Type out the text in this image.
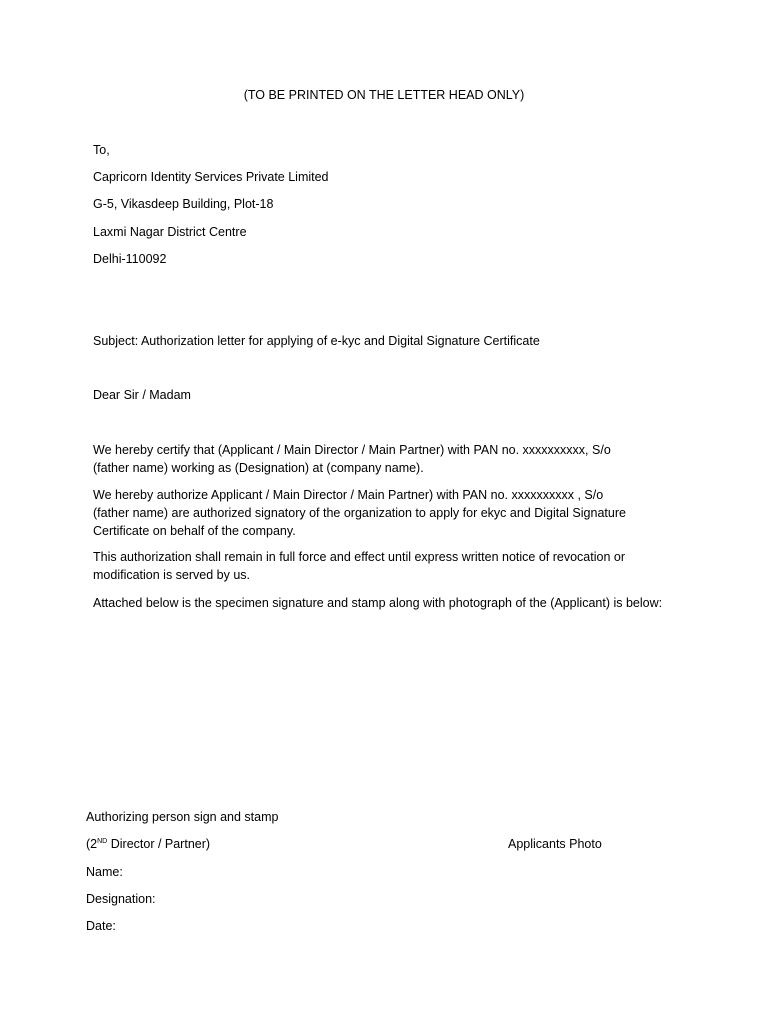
(TO BE PRINTED ON THE LETTER HEAD ONLY)
To,
Capricorn Identity Services Private Limited
G-5, Vikasdeep Building, Plot-18
Laxmi Nagar District Centre
Delhi-110092
Subject: Authorization letter for applying of e-kyc and Digital Signature Certificate
Dear Sir / Madam
We hereby certify that (Applicant / Main Director / Main Partner) with PAN no. xxxxxxxxxx, S/o (father name) working as (Designation) at (company name).
We hereby authorize Applicant / Main Director / Main Partner) with PAN no. xxxxxxxxxx , S/o (father name) are authorized signatory of the organization to apply for ekyc and Digital Signature Certificate on behalf of the company.
This authorization shall remain in full force and effect until express written notice of revocation or modification is served by us.
Attached below is the specimen signature and stamp along with photograph of the (Applicant) is below:
Authorizing person sign and stamp
(2ND Director / Partner)	Applicants Photo
Name:
Designation:
Date:
